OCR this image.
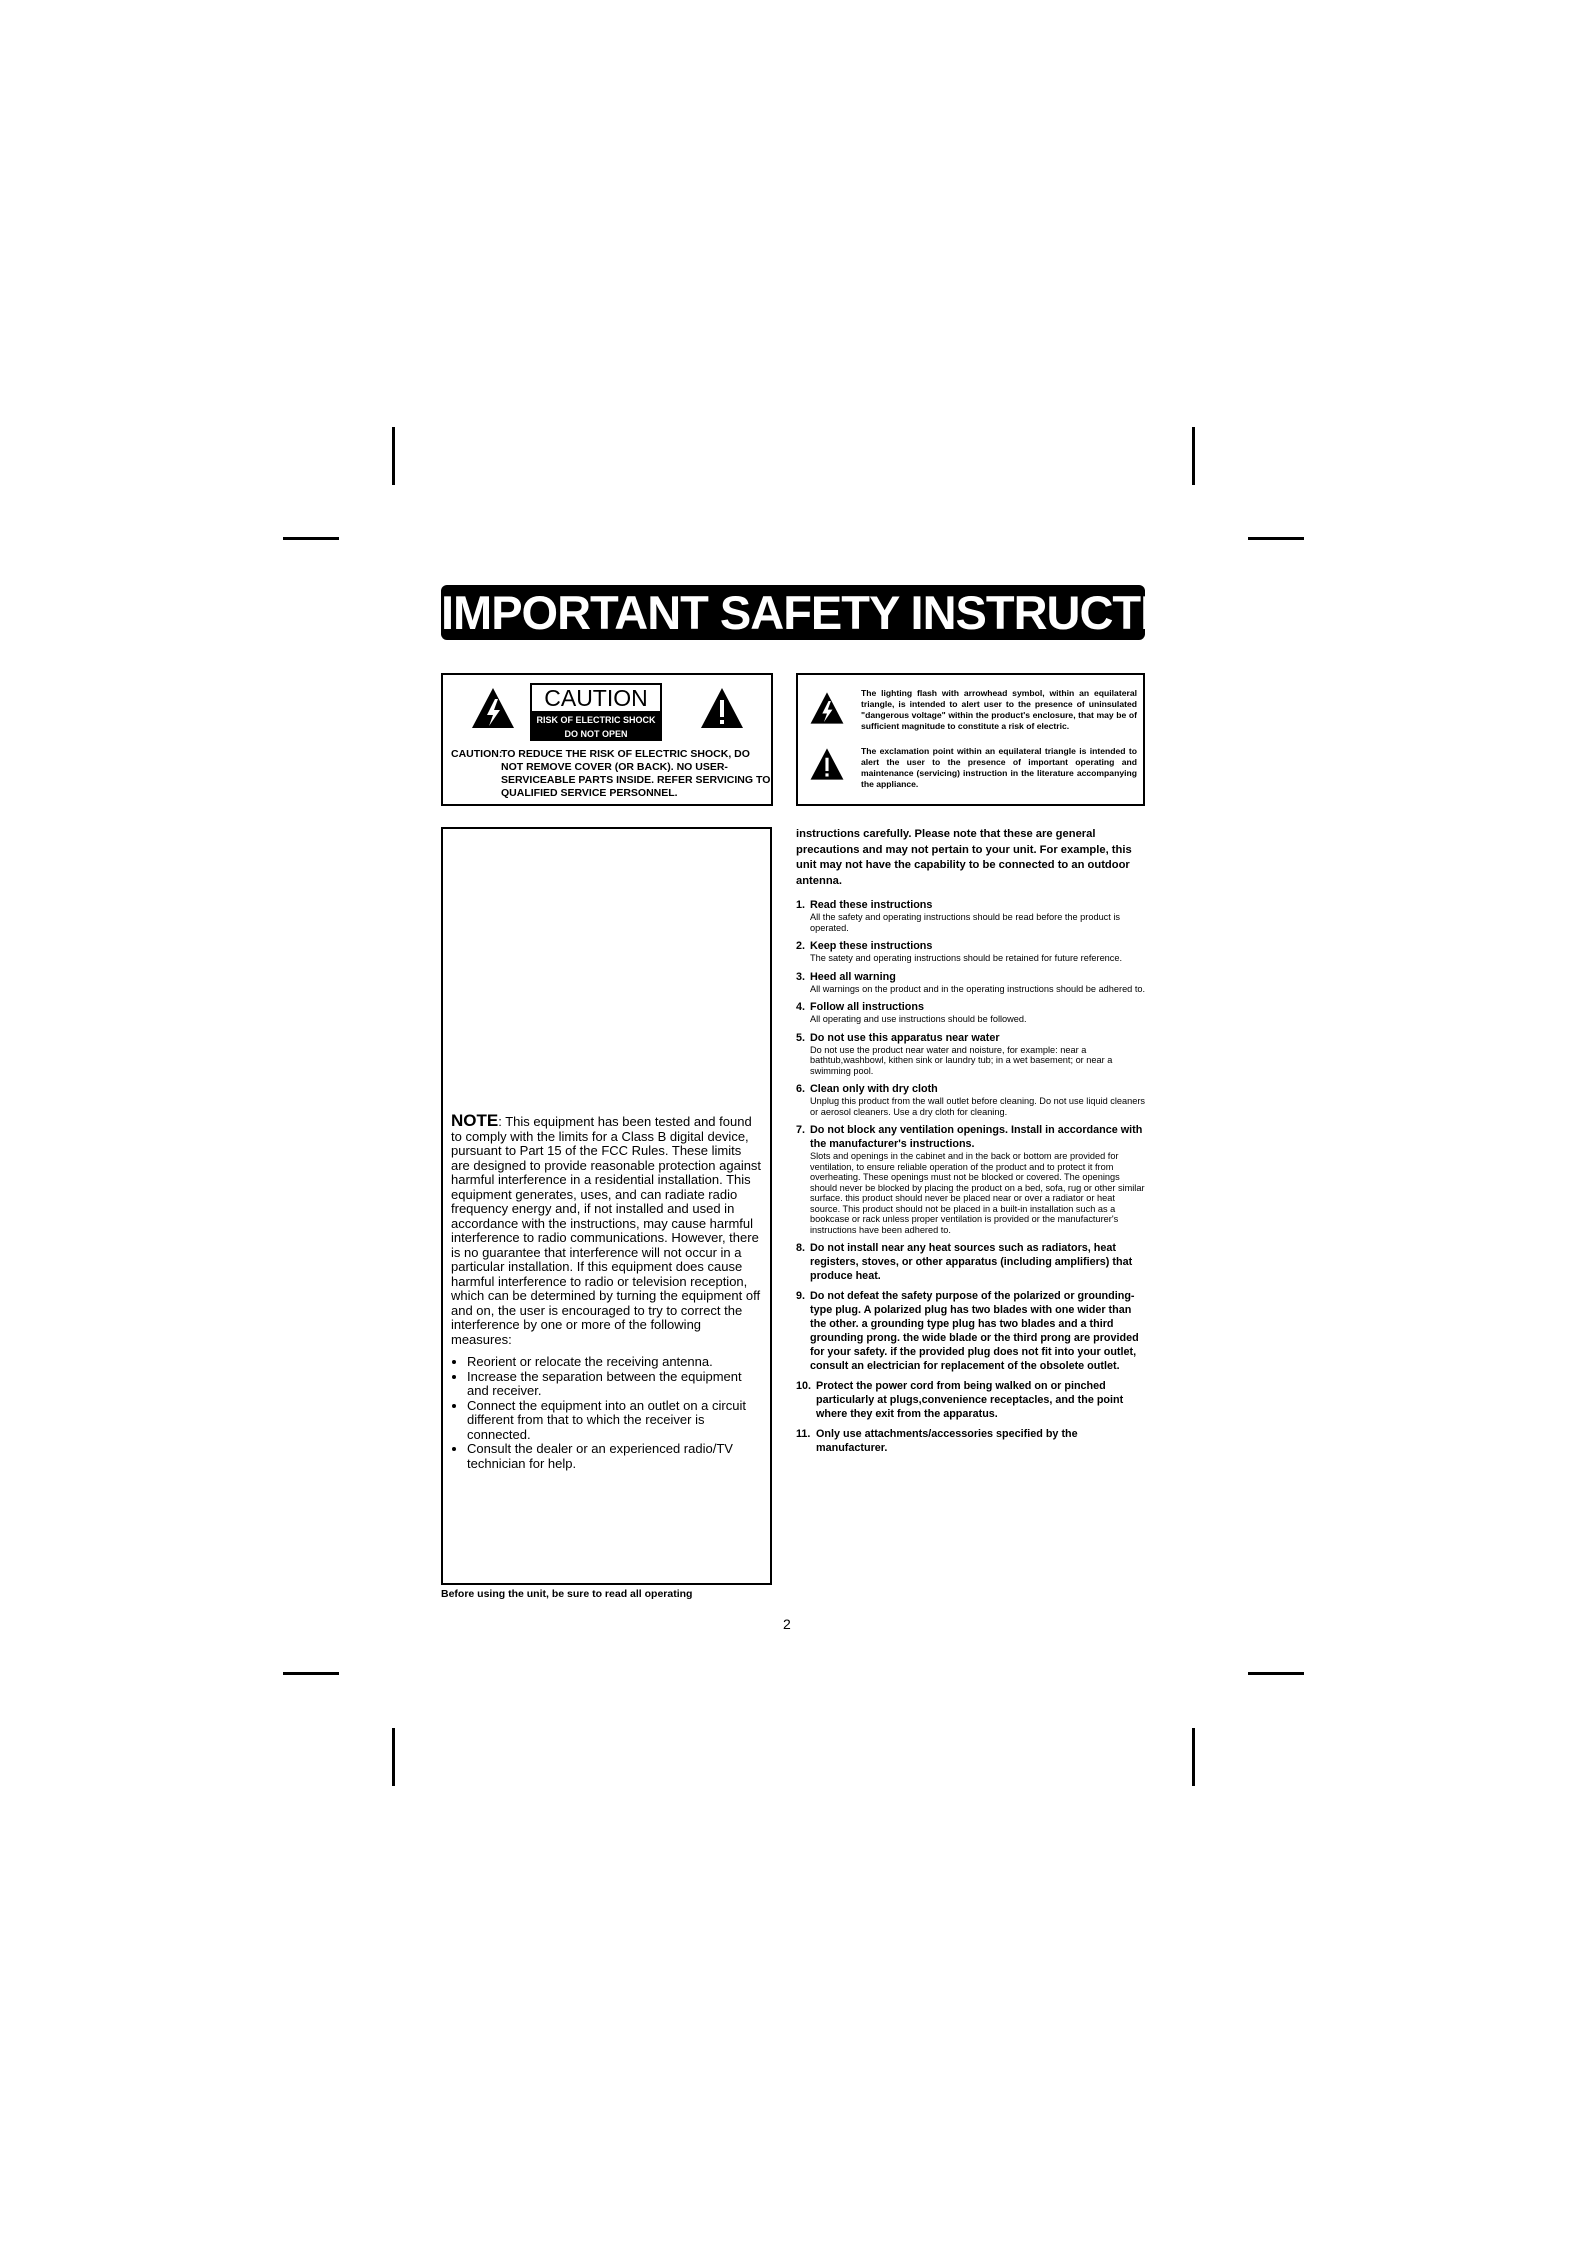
IMPORTANT SAFETY INSTRUCTIONS
CAUTION
RISK OF ELECTRIC SHOCK
DO NOT OPEN
CAUTION:
TO REDUCE THE RISK OF ELECTRIC SHOCK, DO NOT REMOVE COVER (OR BACK). NO USER-SERVICEABLE PARTS INSIDE. REFER SERVICING TO QUALIFIED SERVICE PERSONNEL.
The lighting flash with arrowhead symbol, within an equilateral triangle, is intended to alert user to the presence of uninsulated "dangerous voltage" within the product's enclosure, that may be of sufficient magnitude to constitute a risk of electric.
The exclamation point within an equilateral triangle is intended to alert the user to the presence of important operating and maintenance (servicing) instruction in the literature accompanying the appliance.
NOTE: This equipment has been tested and found to comply with the limits for a Class B digital device, pursuant to Part 15 of the FCC Rules. These limits are designed to provide reasonable protection against harmful interference in a residential installation. This equipment generates, uses, and can radiate radio frequency energy and, if not installed and used in accordance with the instructions, may cause harmful interference to radio communications. However, there is no guarantee that interference will not occur in a particular installation. If this equipment does cause harmful interference to radio or television reception, which can be determined by turning the equipment off and on, the user is encouraged to try to correct the interference by one or more of the following measures:
• Reorient or relocate the receiving antenna.
• Increase the separation between the equipment and receiver.
• Connect the equipment into an outlet on a circuit different from that to which the receiver is connected.
• Consult the dealer or an experienced radio/TV technician for help.
Before using the unit, be sure to read all operating

instructions carefully. Please note that these are general precautions and may not pertain to your unit. For example, this unit may not have the capability to be connected to an outdoor antenna.

1. Read these instructions
All the safety and operating instructions should be read before the product is operated.
2. Keep these instructions
The satety and operating instructions should be retained for future reference.
3. Heed all warning
All warnings on the product and in the operating instructions should be adhered to.
4. Follow all instructions
All operating and use instructions should be followed.
5. Do not use this apparatus near water
Do not use the product near water and noisture, for example: near a bathtub,washbowl, kithen sink or laundry tub; in a wet basement; or near a swimming pool.
6. Clean only with dry cloth
Unplug this product from the wall outlet before cleaning. Do not use liquid cleaners or aerosol cleaners. Use a dry cloth for cleaning.
7. Do not block any ventilation openings. Install in accordance with the manufacturer's instructions.
Slots and openings in the cabinet and in the back or bottom are provided for ventilation, to ensure reliable operation of the product and to protect it from overheating. These openings must not be blocked or covered. The openings should never be blocked by placing the product on a bed, sofa, rug or other similar surface. this product should never be placed near or over a radiator or heat source. This product should not be placed in a built-in installation such as a bookcase or rack unless proper ventilation is provided or the manufacturer's instructions have been adhered to.
8. Do not install near any heat sources such as radiators, heat registers, stoves, or other apparatus (including amplifiers) that produce heat.
9. Do not defeat the safety purpose of the polarized or grounding-type plug. A polarized plug has two blades with one wider than the other. a grounding type plug has two blades and a third grounding prong. the wide blade or the third prong are provided for your safety. if the provided plug does not fit into your outlet, consult an electrician for replacement of the obsolete outlet.
10. Protect the power cord from being walked on or pinched particularly at plugs,convenience receptacles, and the point where they exit from the apparatus.
11. Only use attachments/accessories specified by the manufacturer.
2
